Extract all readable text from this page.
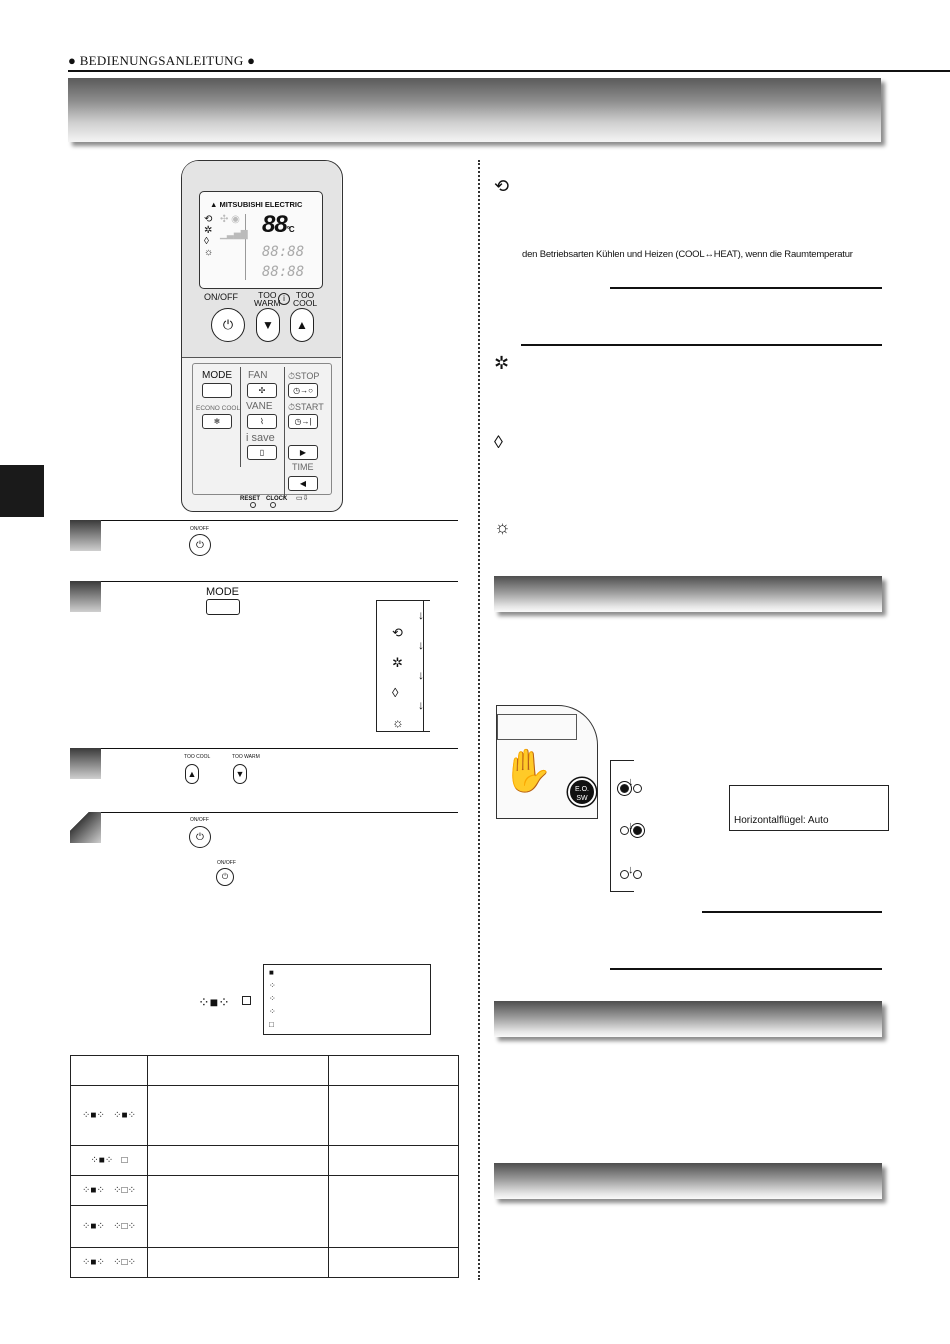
● BEDIENUNGSANLEITUNG ●
▲ MITSUBISHI ELECTRIC
⟲
✲
◊
☼
✣ ◉
▁▃▅▇ 88°C
88:88
88:88
ON/OFF	TOO
WARM i	TOO
COOL
⏻ ▼ ▲
MODE FAN
✣
⏱STOP
◷→○
ECONO COOL
❄
VANE
⌇
⏱START
◷→|
i save
▯	▶
TIME
◀
RESET CLOCK ▭⇩
ON/OFF
⏻
MODE
⟲
✲
◊
☼
↓
↓
↓
↓
TOO COOL
▲
TOO WARM
▼
ON/OFF
⏻
ON/OFF
⏻
⁘■⁘
■
⁘
⁘
⁘
□

⁘■⁘   ⁘■⁘		
⁘■⁘   □		
⁘■⁘   ⁘□⁘		
⁘■⁘   ⁘□⁘		
⁘■⁘   ⁘□⁘		
⟲
den Betriebsarten Kühlen und Heizen (COOL↔HEAT), wenn die Raumtemperatur
✲
◊
☼
✋	E.O.
SW

↓
↓
↓
Horizontalflügel: Auto
